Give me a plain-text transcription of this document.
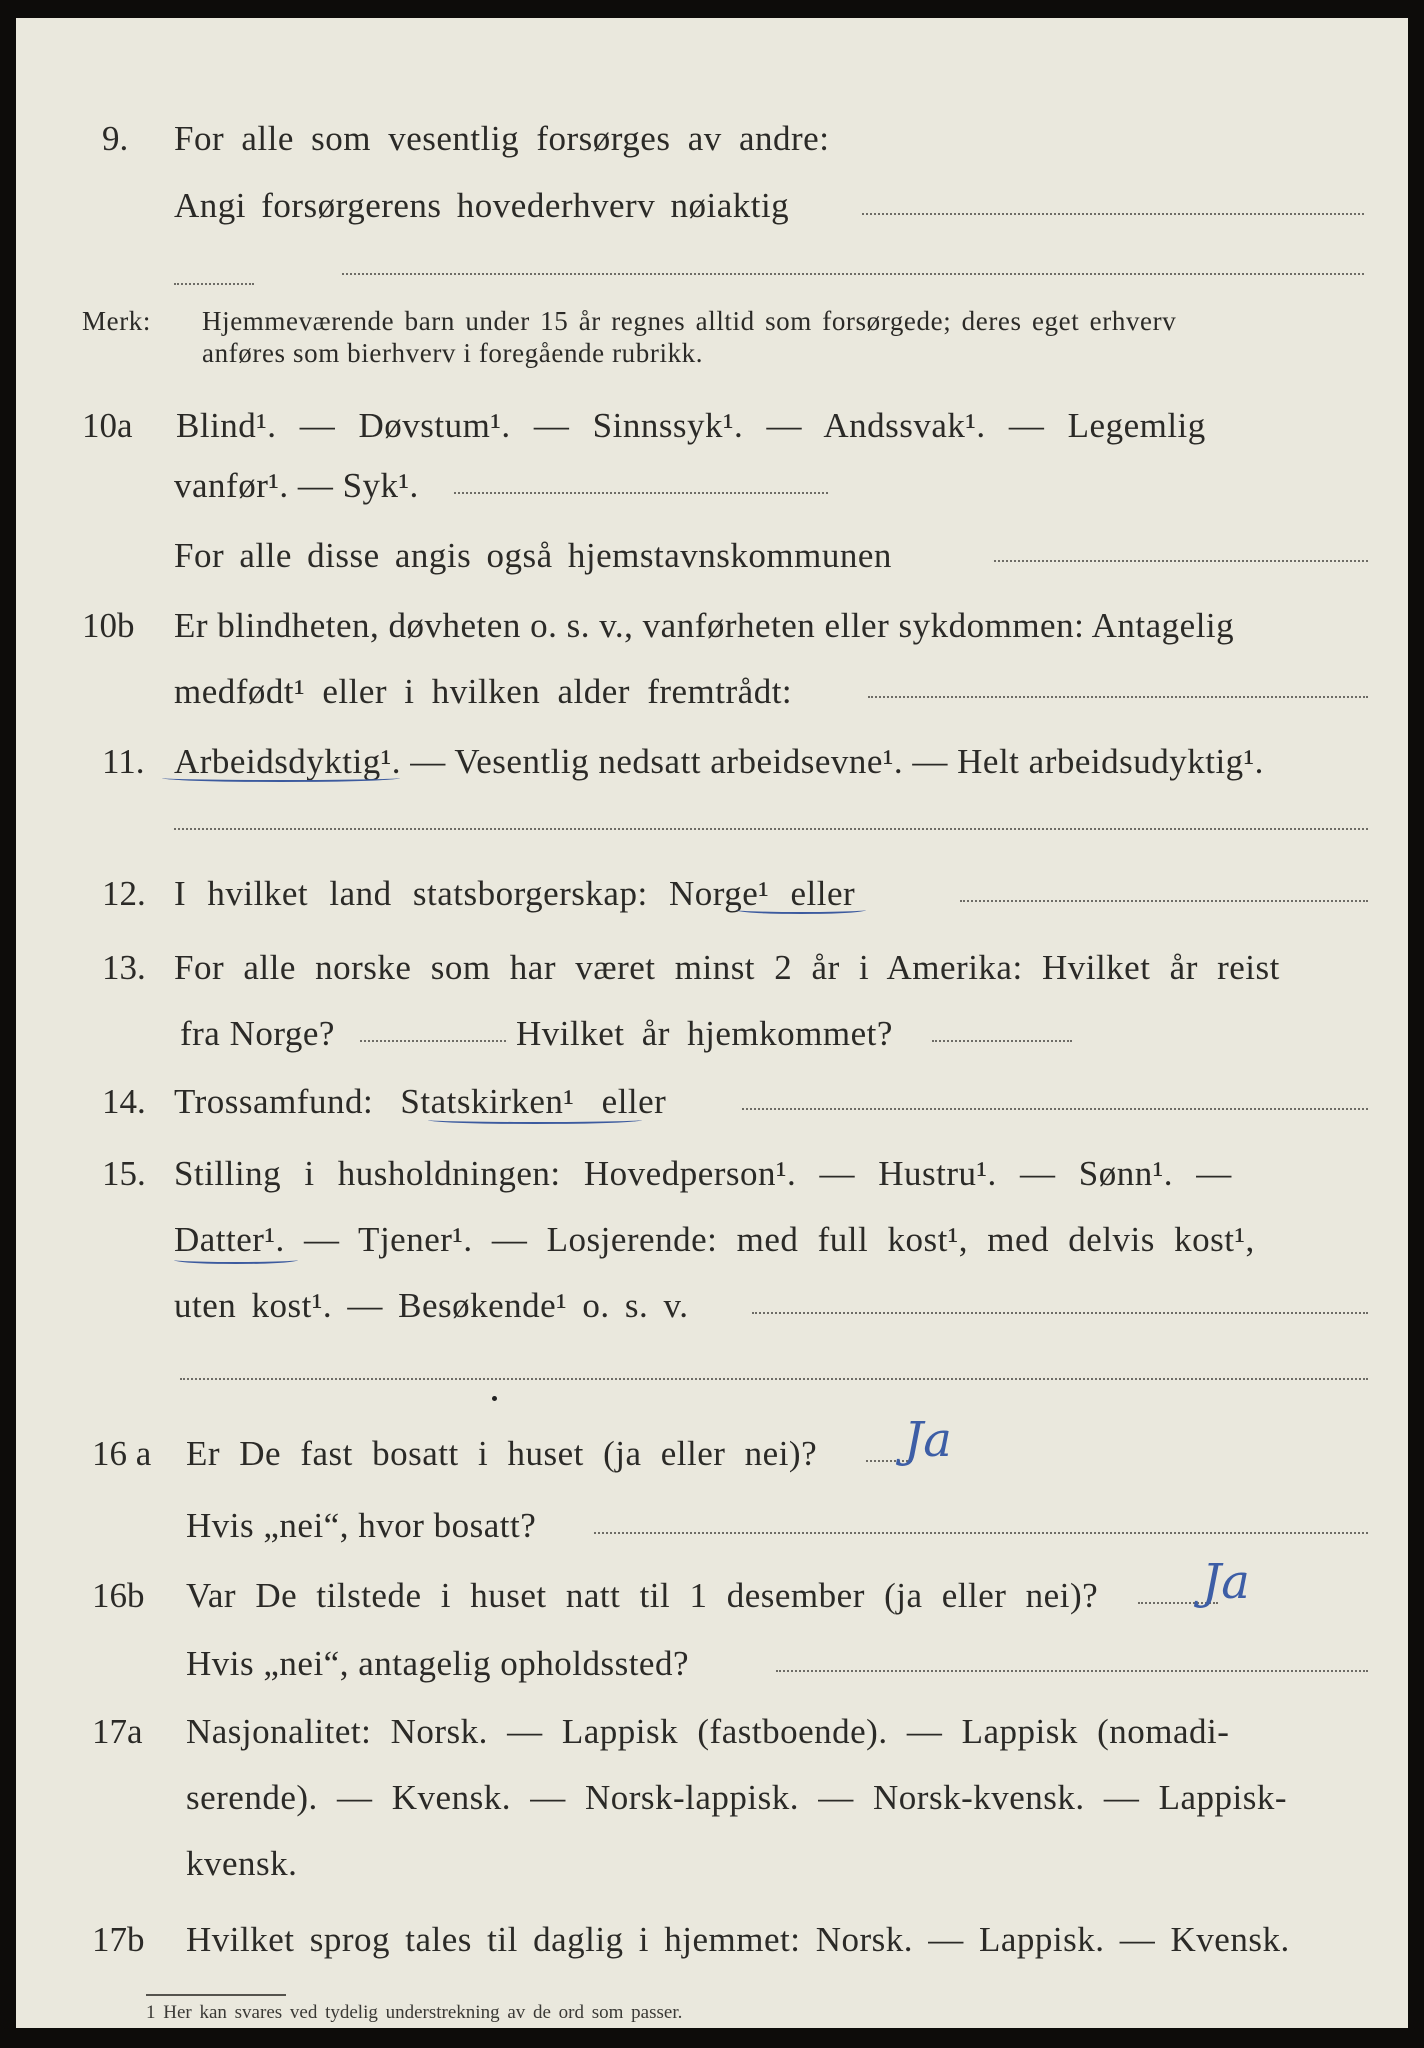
9. For alle som vesentlig forsørges av andre:
Angi forsørgerens hovederhverv nøiaktig
Merk: Hjemmeværende barn under 15 år regnes alltid som forsørgede; deres eget erhverv
anføres som bierhverv i foregående rubrikk.
10a Blind¹. — Døvstum¹. — Sinnssyk¹. — Andssvak¹. — Legemlig
vanfør¹. — Syk¹.
For alle disse angis også hjemstavnskommunen
10b Er blindheten, døvheten o. s. v., vanførheten eller sykdommen: Antagelig
medfødt¹ eller i hvilken alder fremtrådt:
11. Arbeidsdyktig¹. — Vesentlig nedsatt arbeidsevne¹. — Helt arbeidsudyktig¹.
12. I hvilket land statsborgerskap: Norge¹ eller
13. For alle norske som har været minst 2 år i Amerika: Hvilket år reist
fra Norge?	Hvilket år hjemkommet?
14. Trossamfund: Statskirken¹ eller
15. Stilling i husholdningen: Hovedperson¹. — Hustru¹. — Sønn¹. —
Datter¹. — Tjener¹. — Losjerende: med full kost¹, med delvis kost¹,
uten kost¹. — Besøkende¹ o. s. v.
16 a Er De fast bosatt i huset (ja eller nei)? Ja
Hvis „nei“, hvor bosatt?
16b Var De tilstede i huset natt til 1 desember (ja eller nei)? Ja
Hvis „nei“, antagelig opholdssted?
17a Nasjonalitet: Norsk. — Lappisk (fastboende). — Lappisk (nomadi-
serende). — Kvensk. — Norsk-lappisk. — Norsk-kvensk. — Lappisk-
kvensk.
17b Hvilket sprog tales til daglig i hjemmet: Norsk. — Lappisk. — Kvensk.
1 Her kan svares ved tydelig understrekning av de ord som passer.
